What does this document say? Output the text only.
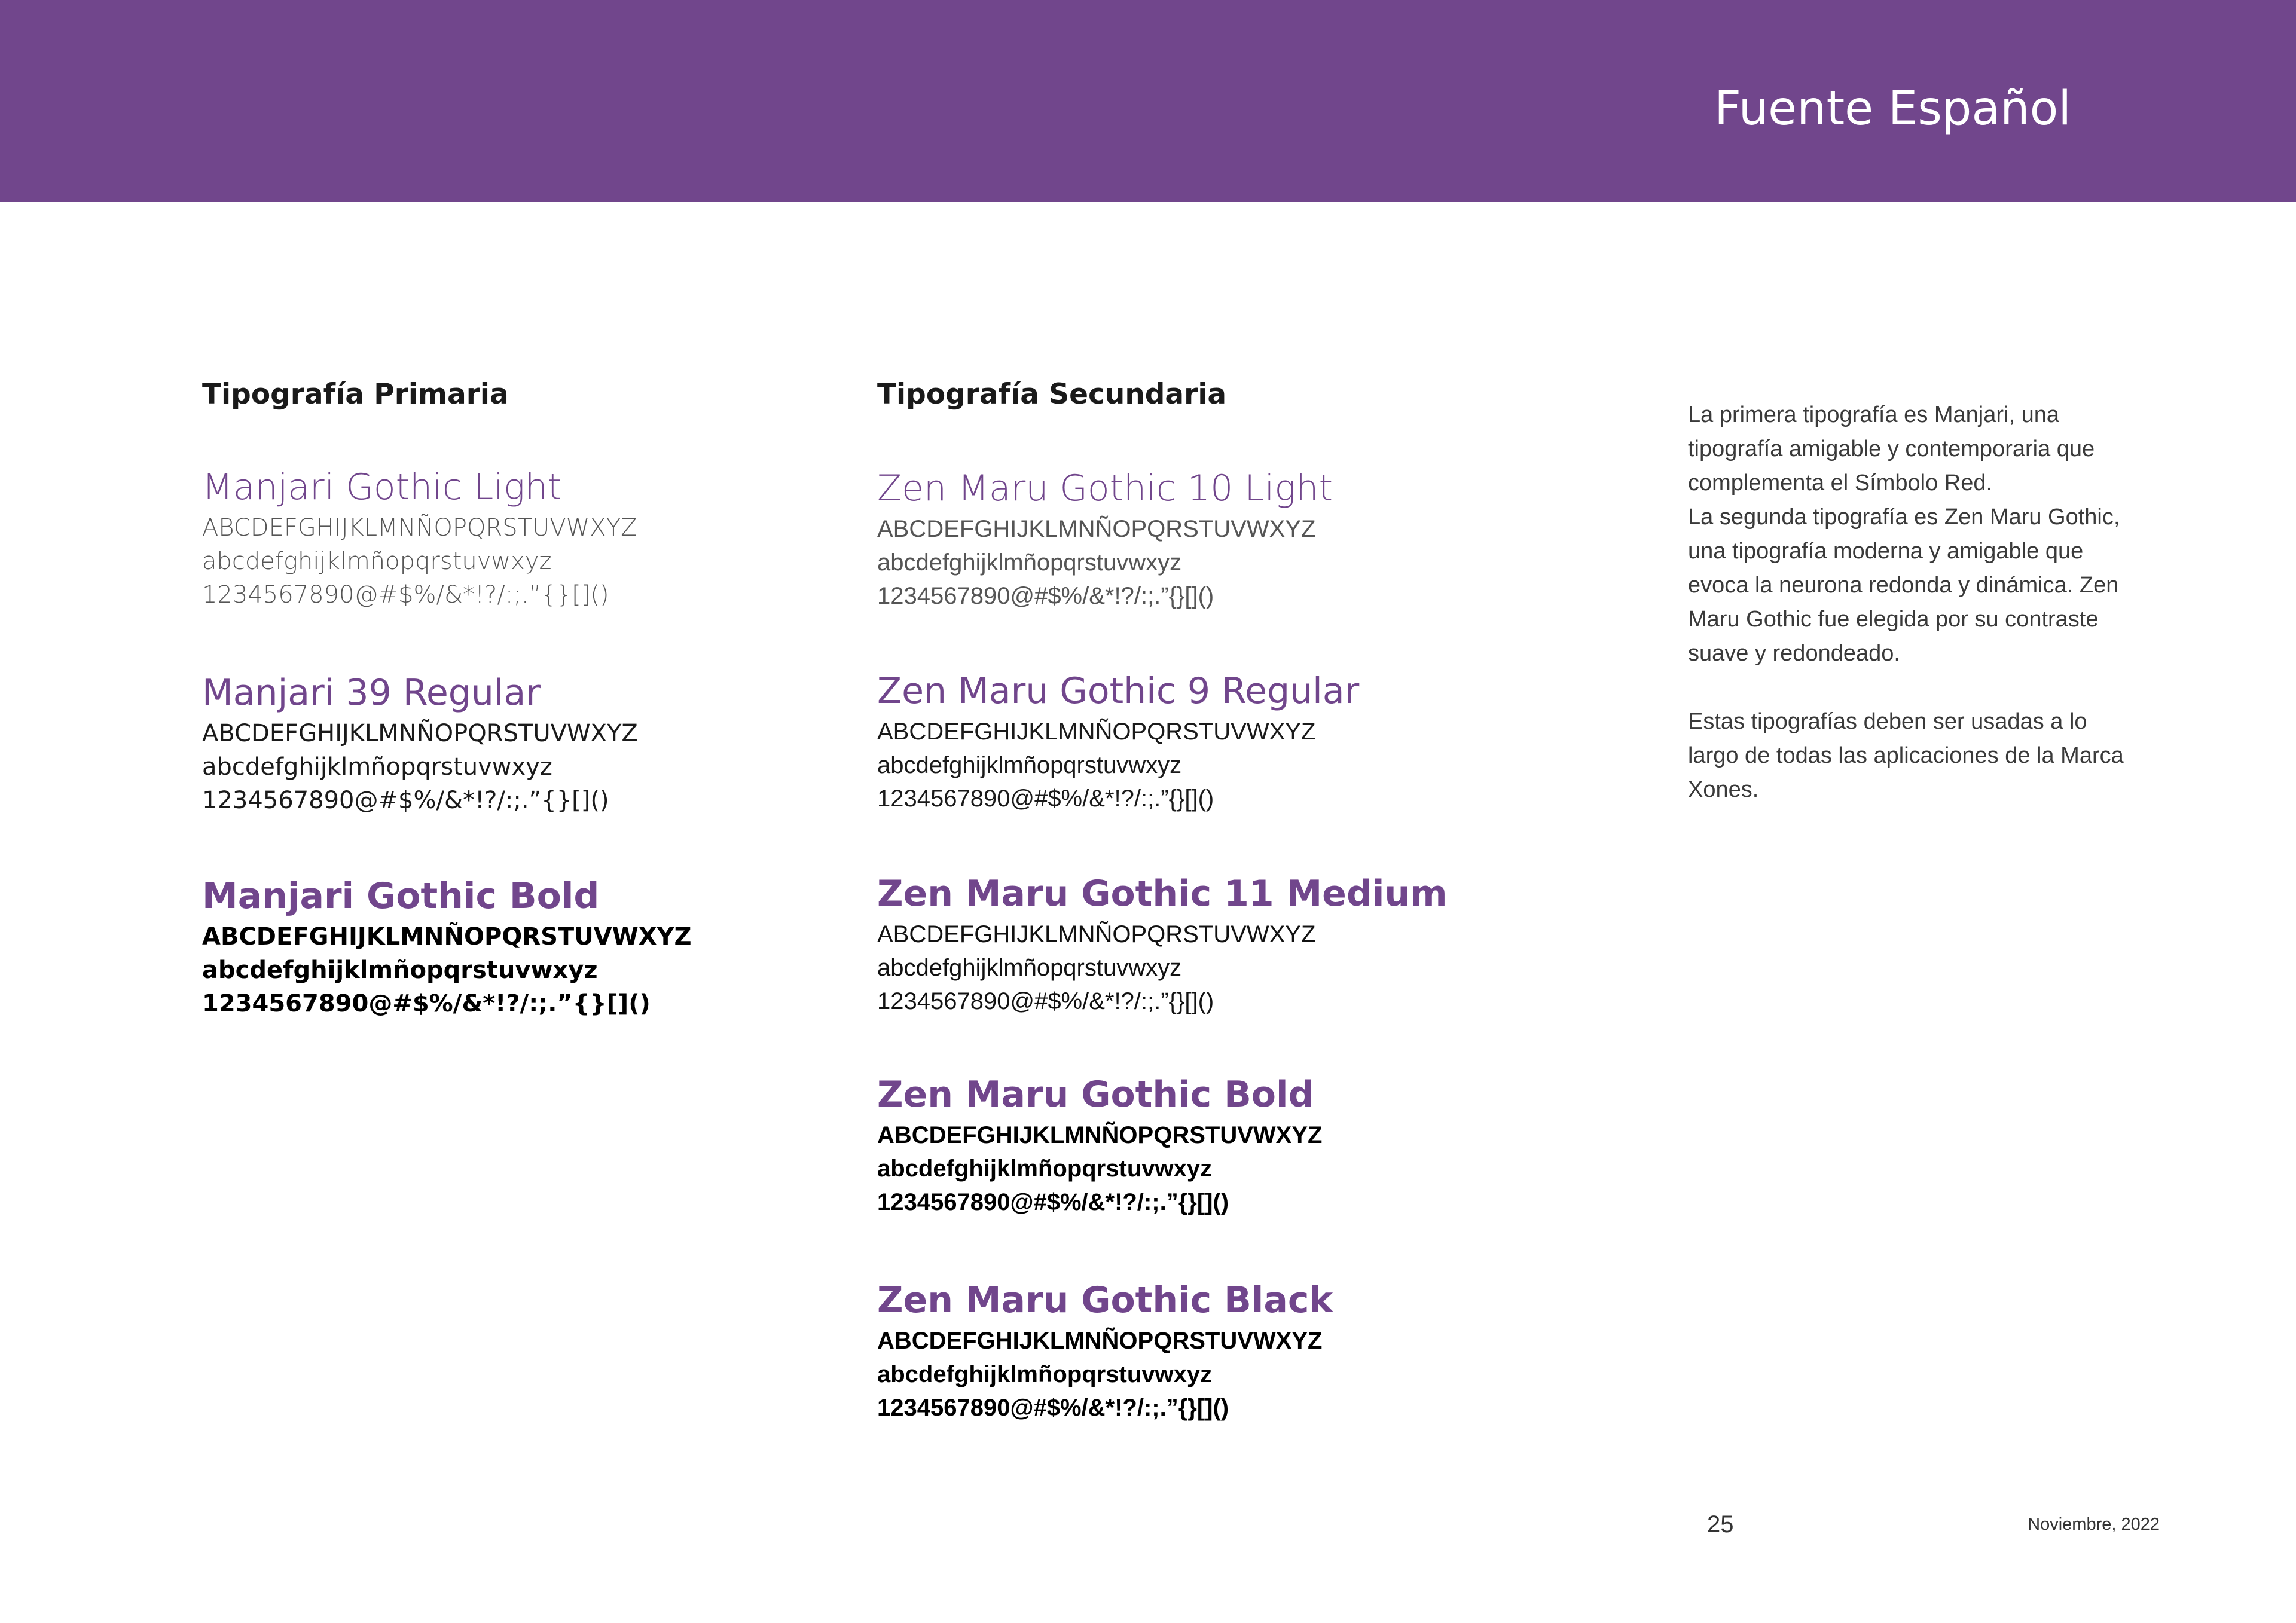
Fuente Español
Tipografía Primaria

Manjari Gothic Light

ABCDEFGHIJKLMNÑOPQRSTUVWXYZ

abcdefghijklmñopqrstuvwxyz

1234567890@#$%/&*!?/:;.”{}[]()

Manjari 39 Regular

ABCDEFGHIJKLMNÑOPQRSTUVWXYZ

abcdefghijklmñopqrstuvwxyz

1234567890@#$%/&*!?/:;.”{}[]()

Manjari Gothic Bold

ABCDEFGHIJKLMNÑOPQRSTUVWXYZ

abcdefghijklmñopqrstuvwxyz

1234567890@#$%/&*!?/:;.”{}[]()

Tipografía Secundaria

Zen Maru Gothic 10 Light

ABCDEFGHIJKLMNÑOPQRSTUVWXYZ

abcdefghijklmñopqrstuvwxyz

1234567890@#$%/&*!?/:;.”{}[]()

Zen Maru Gothic 9 Regular

ABCDEFGHIJKLMNÑOPQRSTUVWXYZ

abcdefghijklmñopqrstuvwxyz

1234567890@#$%/&*!?/:;.”{}[]()

Zen Maru Gothic 11 Medium

ABCDEFGHIJKLMNÑOPQRSTUVWXYZ

abcdefghijklmñopqrstuvwxyz

1234567890@#$%/&*!?/:;.”{}[]()

Zen Maru Gothic Bold

ABCDEFGHIJKLMNÑOPQRSTUVWXYZ

abcdefghijklmñopqrstuvwxyz

1234567890@#$%/&*!?/:;.”{}[]()

Zen Maru Gothic Black

ABCDEFGHIJKLMNÑOPQRSTUVWXYZ

abcdefghijklmñopqrstuvwxyz

1234567890@#$%/&*!?/:;.”{}[]()

La primera tipografía es Manjari, una

tipografía amigable y contemporaria que

complementa el Símbolo Red.

La segunda tipografía es Zen Maru Gothic,

una tipografía moderna y amigable que

evoca la neurona redonda y dinámica. Zen

Maru Gothic fue elegida por su contraste

suave y redondeado.

Estas tipografías deben ser usadas a lo

largo de todas las aplicaciones de la Marca

Xones.

25	Noviembre, 2022
